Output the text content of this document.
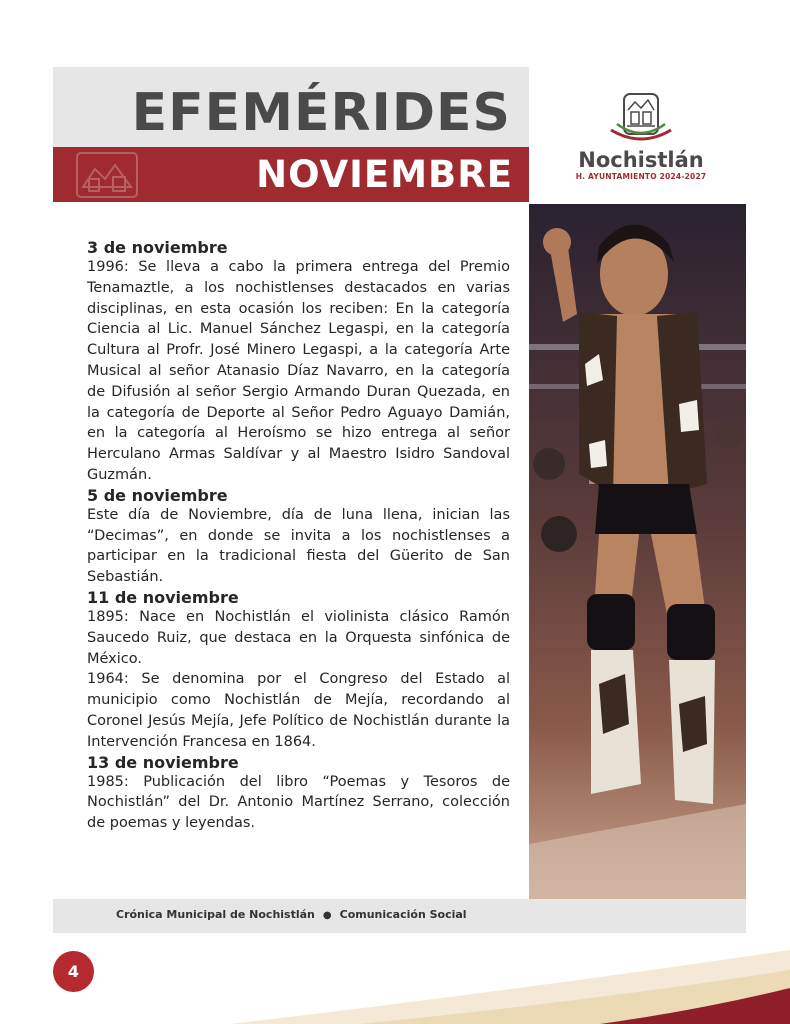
EFEMÉRIDES
NOVIEMBRE	Nochistlán
H. AYUNTAMIENTO 2024-2027
3 de noviembre

1996: Se lleva a cabo la primera entrega del Premio Tenamaztle, a los nochistlenses destacados en varias disciplinas, en esta ocasión los reciben: En la categoría Ciencia al Lic. Manuel Sánchez Legaspi, en la categoría Cultura al Profr. José Minero Legaspi, a la categoría Arte Musical al señor Atanasio Díaz Navarro, en la categoría de Difusión al señor Sergio Armando Duran Quezada, en la categoría de Deporte al Señor Pedro Aguayo Damián, en la categoría al Heroísmo se hizo entrega al señor Herculano Armas Saldívar y al Maestro Isidro Sandoval Guzmán.

5 de noviembre

Este día de Noviembre, día de luna llena, inician las “Decimas”, en donde se invita a los nochistlenses a participar en la tradicional fiesta del Güerito de San Sebastián.

11 de noviembre

1895: Nace en Nochistlán el violinista clásico Ramón Saucedo Ruiz, que destaca en la Orquesta sinfónica de México.

1964: Se denomina por el Congreso del Estado al municipio como Nochistlán de Mejía, recordando al Coronel Jesús Mejía, Jefe Político de Nochistlán durante la Intervención Francesa en 1864.

13 de noviembre

1985: Publicación del libro “Poemas y Tesoros de Nochistlán” del Dr. Antonio Martínez Serrano, colección de poemas y leyendas.

Crónica Municipal de Nochistlán ● Comunicación Social
4
